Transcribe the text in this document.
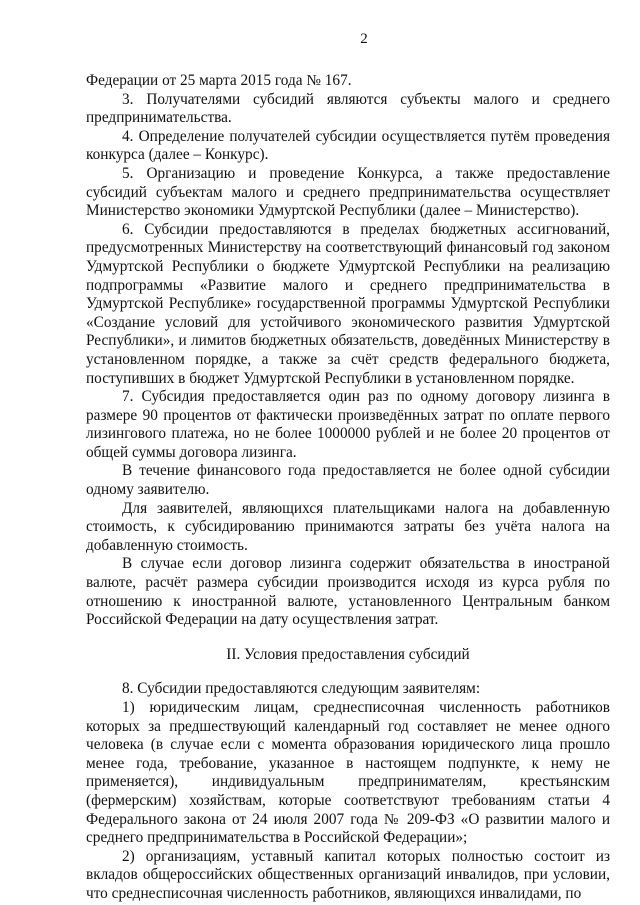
2

Федерации от 25 марта 2015 года № 167.

3. Получателями субсидий являются субъекты малого и среднего предпринимательства.

4. Определение получателей субсидии осуществляется путём проведения конкурса (далее – Конкурс).

5. Организацию и проведение Конкурса, а также предоставление субсидий субъектам малого и среднего предпринимательства осуществляет Министерство экономики Удмуртской Республики (далее – Министерство).

6. Субсидии предоставляются в пределах бюджетных ассигнований, предусмотренных Министерству на соответствующий финансовый год законом Удмуртской Республики о бюджете Удмуртской Республики на реализацию подпрограммы «Развитие малого и среднего предпринимательства в Удмуртской Республике» государственной программы Удмуртской Республики «Создание условий для устойчивого экономического развития Удмуртской Республики», и лимитов бюджетных обязательств, доведённых Министерству в установленном порядке, а также за счёт средств федерального бюджета, поступивших в бюджет Удмуртской Республики в установленном порядке.

7. Субсидия предоставляется один раз по одному договору лизинга в размере 90 процентов от фактически произведённых затрат по оплате первого лизингового платежа, но не более 1000000 рублей и не более 20 процентов от общей суммы договора лизинга.

В течение финансового года предоставляется не более одной субсидии одному заявителю.

Для заявителей, являющихся плательщиками налога на добавленную стоимость, к субсидированию принимаются затраты без учёта налога на добавленную стоимость.

В случае если договор лизинга содержит обязательства в иностраной валюте, расчёт размера субсидии производится исходя из курса рубля по отношению к иностранной валюте, установленного Центральным банком Российской Федерации на дату осуществления затрат.

II. Условия предоставления субсидий

8. Субсидии предоставляются следующим заявителям:

1) юридическим лицам, среднесписочная численность работников которых за предшествующий календарный год составляет не менее одного человека (в случае если с момента образования юридического лица прошло менее года, требование, указанное в настоящем подпункте, к нему не применяется), индивидуальным предпринимателям, крестьянским (фермерским) хозяйствам, которые соответствуют требованиям статьи 4 Федерального закона от 24 июля 2007 года № 209-ФЗ «О развитии малого и среднего предпринимательства в Российской Федерации»;

2) организациям, уставный капитал которых полностью состоит из вкладов общероссийских общественных организаций инвалидов, при условии, что среднесписочная численность работников, являющихся инвалидами, по
